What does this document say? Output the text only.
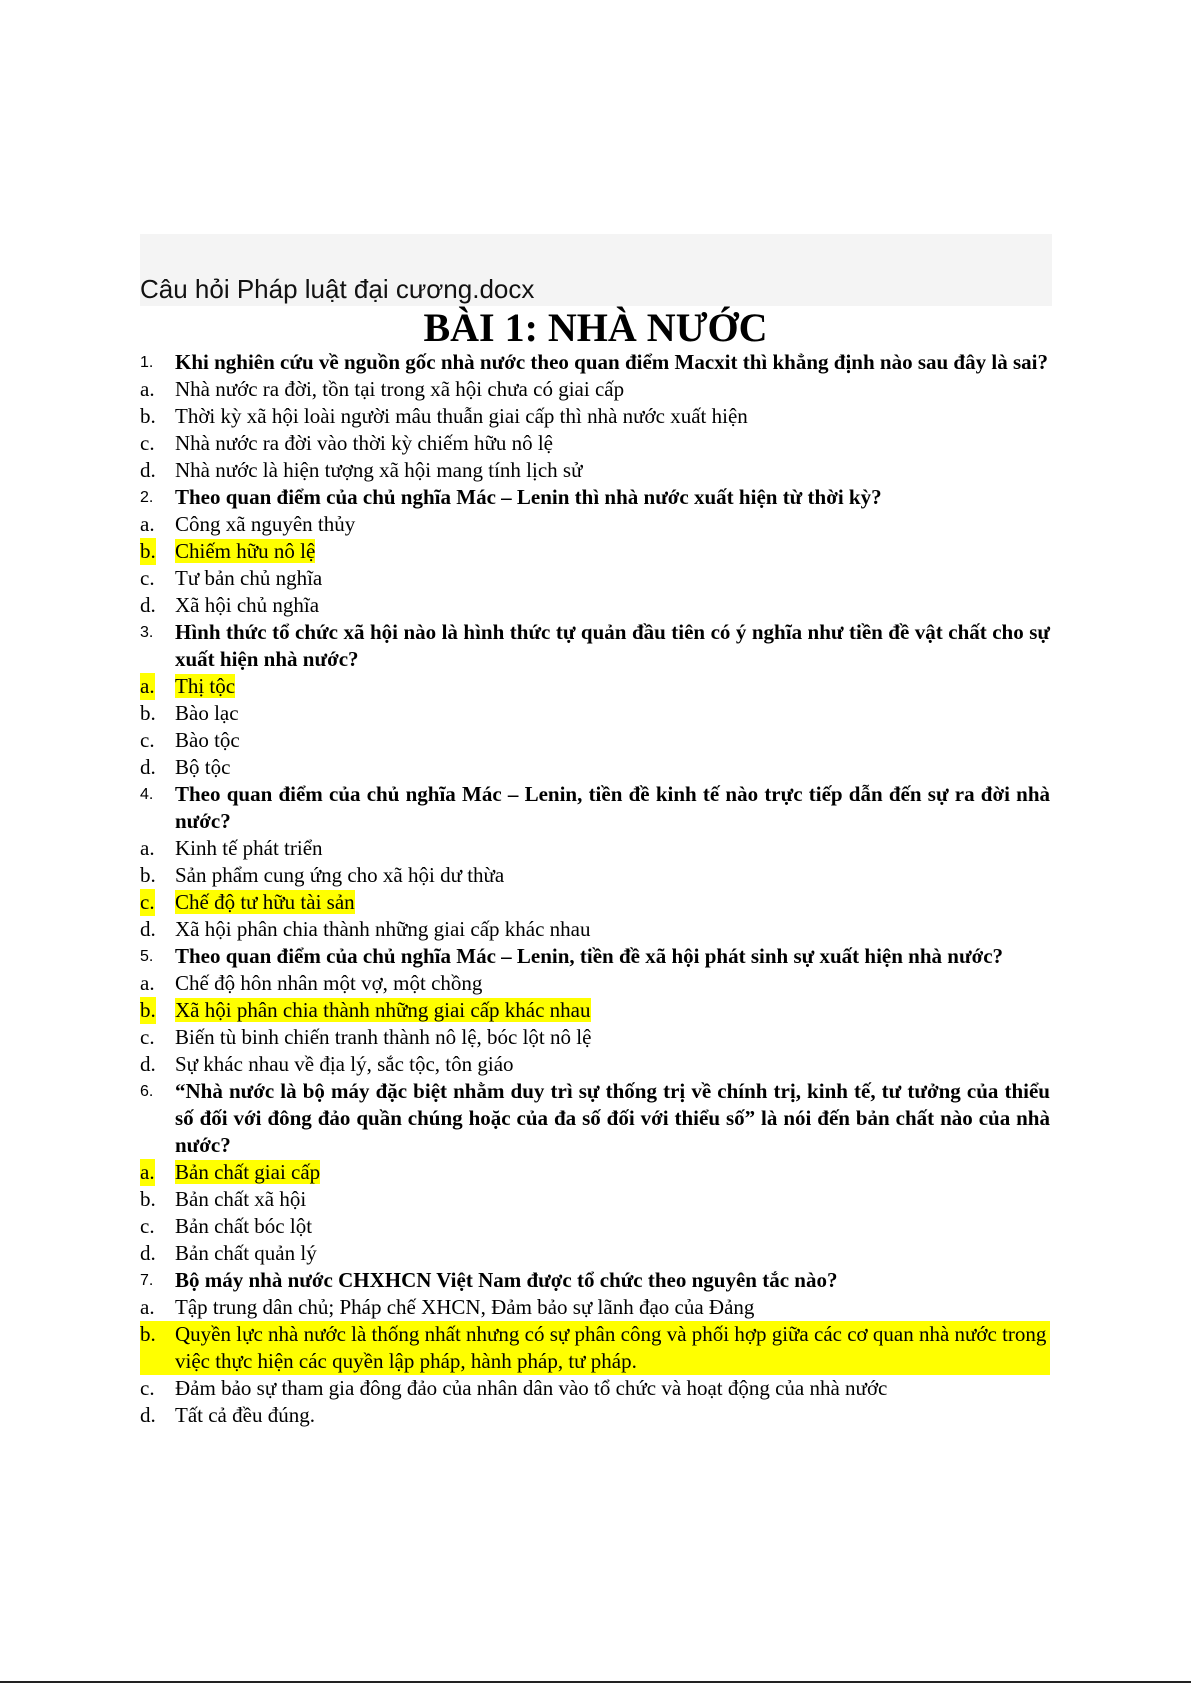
Câu hỏi Pháp luật đại cương.docx
BÀI 1: NHÀ NƯỚC
1. Khi nghiên cứu về nguồn gốc nhà nước theo quan điểm Macxit thì khẳng định nào sau đây là sai?
a. Nhà nước ra đời, tồn tại trong xã hội chưa có giai cấp
b. Thời kỳ xã hội loài người mâu thuẫn giai cấp thì nhà nước xuất hiện
c. Nhà nước ra đời vào thời kỳ chiếm hữu nô lệ
d. Nhà nước là hiện tượng xã hội mang tính lịch sử
2. Theo quan điểm của chủ nghĩa Mác – Lenin thì nhà nước xuất hiện từ thời kỳ?
a. Công xã nguyên thủy
b. Chiếm hữu nô lệ
c. Tư bản chủ nghĩa
d. Xã hội chủ nghĩa
3. Hình thức tổ chức xã hội nào là hình thức tự quản đầu tiên có ý nghĩa như tiền đề vật chất cho sự xuất hiện nhà nước?
a. Thị tộc
b. Bào lạc
c. Bào tộc
d. Bộ tộc
4. Theo quan điểm của chủ nghĩa Mác – Lenin, tiền đề kinh tế nào trực tiếp dẫn đến sự ra đời nhà nước?
a. Kinh tế phát triển
b. Sản phẩm cung ứng cho xã hội dư thừa
c. Chế độ tư hữu tài sản
d. Xã hội phân chia thành những giai cấp khác nhau
5. Theo quan điểm của chủ nghĩa Mác – Lenin, tiền đề xã hội phát sinh sự xuất hiện nhà nước?
a. Chế độ hôn nhân một vợ, một chồng
b. Xã hội phân chia thành những giai cấp khác nhau
c. Biến tù binh chiến tranh thành nô lệ, bóc lột nô lệ
d. Sự khác nhau về địa lý, sắc tộc, tôn giáo
6. “Nhà nước là bộ máy đặc biệt nhằm duy trì sự thống trị về chính trị, kinh tế, tư tưởng của thiểu số đối với đông đảo quần chúng hoặc của đa số đối với thiểu số” là nói đến bản chất nào của nhà nước?
a. Bản chất giai cấp
b. Bản chất xã hội
c. Bản chất bóc lột
d. Bản chất quản lý
7. Bộ máy nhà nước CHXHCN Việt Nam được tổ chức theo nguyên tắc nào?
a. Tập trung dân chủ; Pháp chế XHCN, Đảm bảo sự lãnh đạo của Đảng
b. Quyền lực nhà nước là thống nhất nhưng có sự phân công và phối hợp giữa các cơ quan nhà nước trong việc thực hiện các quyền lập pháp, hành pháp, tư pháp.
c. Đảm bảo sự tham gia đông đảo của nhân dân vào tổ chức và hoạt động của nhà nước
d. Tất cả đều đúng.
